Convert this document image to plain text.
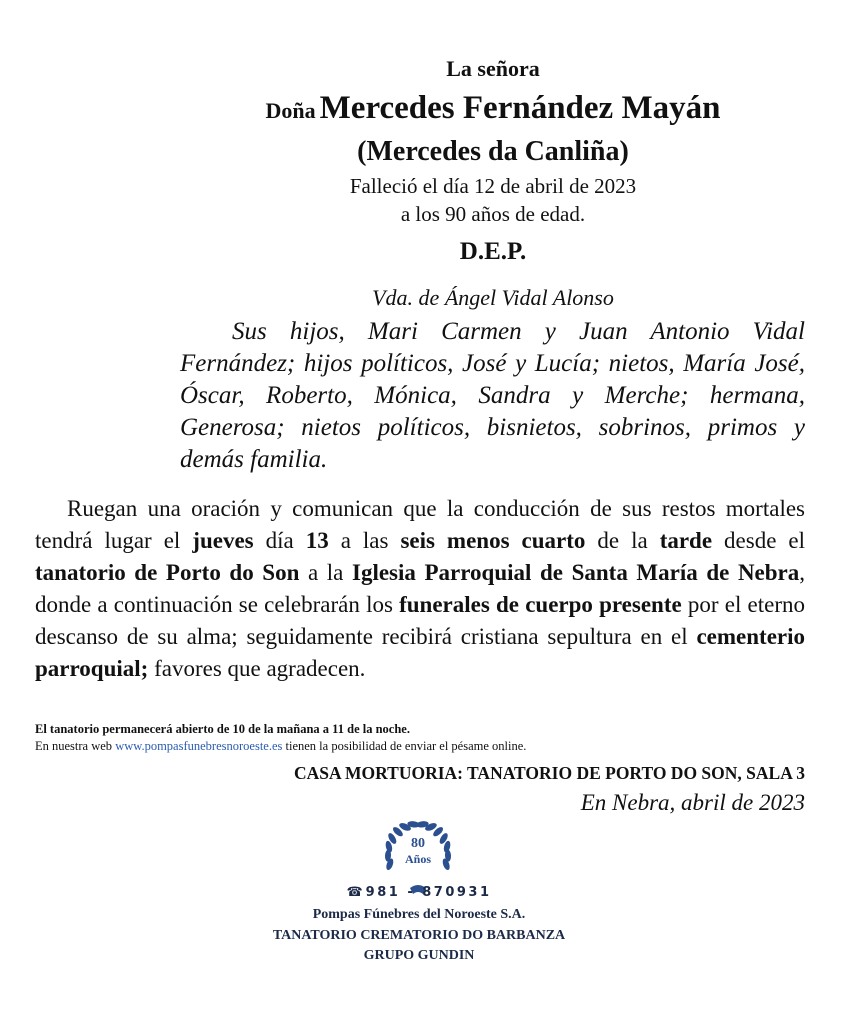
La señora
Doña Mercedes Fernández Mayán
(Mercedes da Canliña)
Falleció el día 12 de abril de 2023
a los 90 años de edad.
D.E.P.
Vda. de Ángel Vidal Alonso
Sus hijos, Mari Carmen y Juan Antonio Vidal Fernández; hijos políticos, José y Lucía; nietos, María José, Óscar, Roberto, Mónica, Sandra y Merche; hermana, Generosa; nietos políticos, bisnietos, sobrinos, primos y demás familia.
Ruegan una oración y comunican que la conducción de sus restos mortales tendrá lugar el jueves día 13 a las seis menos cuarto de la tarde desde el tanatorio de Porto do Son a la Iglesia Parroquial de Santa María de Nebra, donde a continuación se celebrarán los funerales de cuerpo presente por el eterno descanso de su alma; seguidamente recibirá cristiana sepultura en el cementerio parroquial; favores que agradecen.
El tanatorio permanecerá abierto de 10 de la mañana a 11 de la noche.
En nuestra web www.pompasfunebresnoroeste.es tienen la posibilidad de enviar el pésame online.
CASA MORTUORIA: TANATORIO DE PORTO DO SON, SALA 3
En Nebra, abril de 2023
80
Años
☎ 981 - 870931
Pompas Fúnebres del Noroeste S.A.
TANATORIO CREMATORIO DO BARBANZA
GRUPO GUNDIN
